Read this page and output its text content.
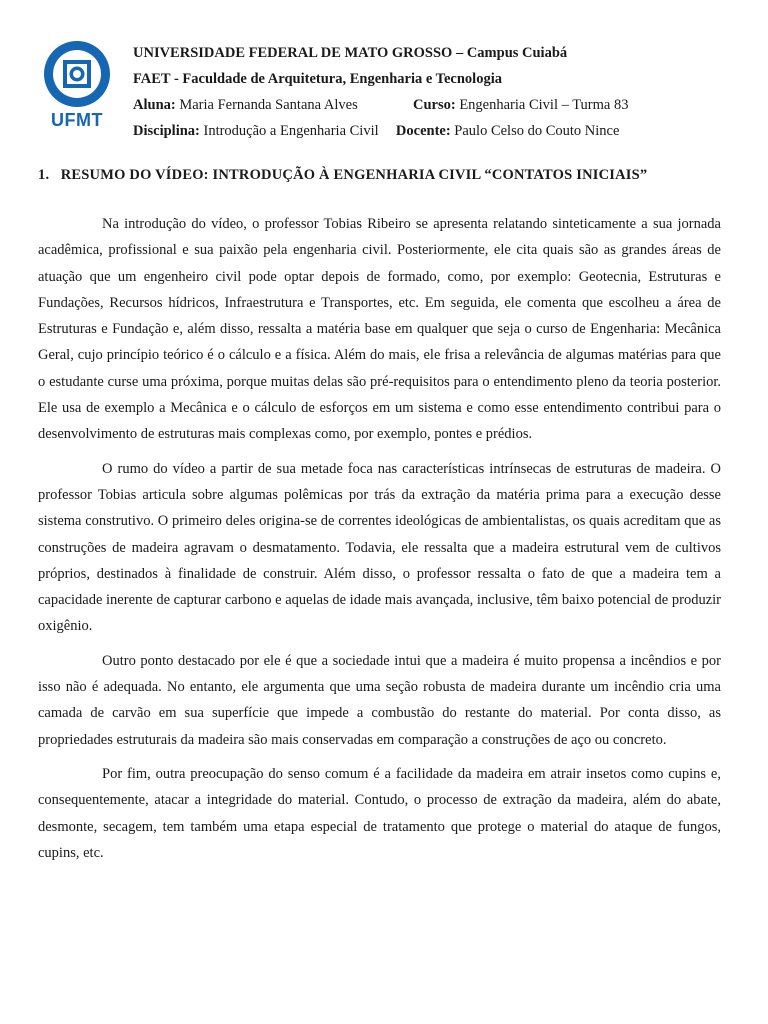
UFMT
UNIVERSIDADE FEDERAL DE MATO GROSSO – Campus Cuiabá
FAET - Faculdade de Arquitetura, Engenharia e Tecnologia
Aluna: Maria Fernanda Santana Alves	Curso: Engenharia Civil – Turma 83
Disciplina: Introdução a Engenharia Civil Docente: Paulo Celso do Couto Nince
1.   RESUMO DO VÍDEO: INTRODUÇÃO À ENGENHARIA CIVIL “CONTATOS INICIAIS”

Na introdução do vídeo, o professor Tobias Ribeiro se apresenta relatando sinteticamente a sua jornada acadêmica, profissional e sua paixão pela engenharia civil. Posteriormente, ele cita quais são as grandes áreas de atuação que um engenheiro civil pode optar depois de formado, como, por exemplo: Geotecnia, Estruturas e Fundações, Recursos hídricos, Infraestrutura e Transportes, etc. Em seguida, ele comenta que escolheu a área de Estruturas e Fundação e, além disso, ressalta a matéria base em qualquer que seja o curso de Engenharia: Mecânica Geral, cujo princípio teórico é o cálculo e a física. Além do mais, ele frisa a relevância de algumas matérias para que o estudante curse uma próxima, porque muitas delas são pré-requisitos para o entendimento pleno da teoria posterior. Ele usa de exemplo a Mecânica e o cálculo de esforços em um sistema e como esse entendimento contribui para o desenvolvimento de estruturas mais complexas como, por exemplo, pontes e prédios.

O rumo do vídeo a partir de sua metade foca nas características intrínsecas de estruturas de madeira. O professor Tobias articula sobre algumas polêmicas por trás da extração da matéria prima para a execução desse sistema construtivo. O primeiro deles origina-se de correntes ideológicas de ambientalistas, os quais acreditam que as construções de madeira agravam o desmatamento. Todavia, ele ressalta que a madeira estrutural vem de cultivos próprios, destinados à finalidade de construir. Além disso, o professor ressalta o fato de que a madeira tem a capacidade inerente de capturar carbono e aquelas de idade mais avançada, inclusive, têm baixo potencial de produzir oxigênio.

Outro ponto destacado por ele é que a sociedade intui que a madeira é muito propensa a incêndios e por isso não é adequada. No entanto, ele argumenta que uma seção robusta de madeira durante um incêndio cria uma camada de carvão em sua superfície que impede a combustão do restante do material. Por conta disso, as propriedades estruturais da madeira são mais conservadas em comparação a construções de aço ou concreto.

Por fim, outra preocupação do senso comum é a facilidade da madeira em atrair insetos como cupins e, consequentemente, atacar a integridade do material. Contudo, o processo de extração da madeira, além do abate, desmonte, secagem, tem também uma etapa especial de tratamento que protege o material do ataque de fungos, cupins, etc.
